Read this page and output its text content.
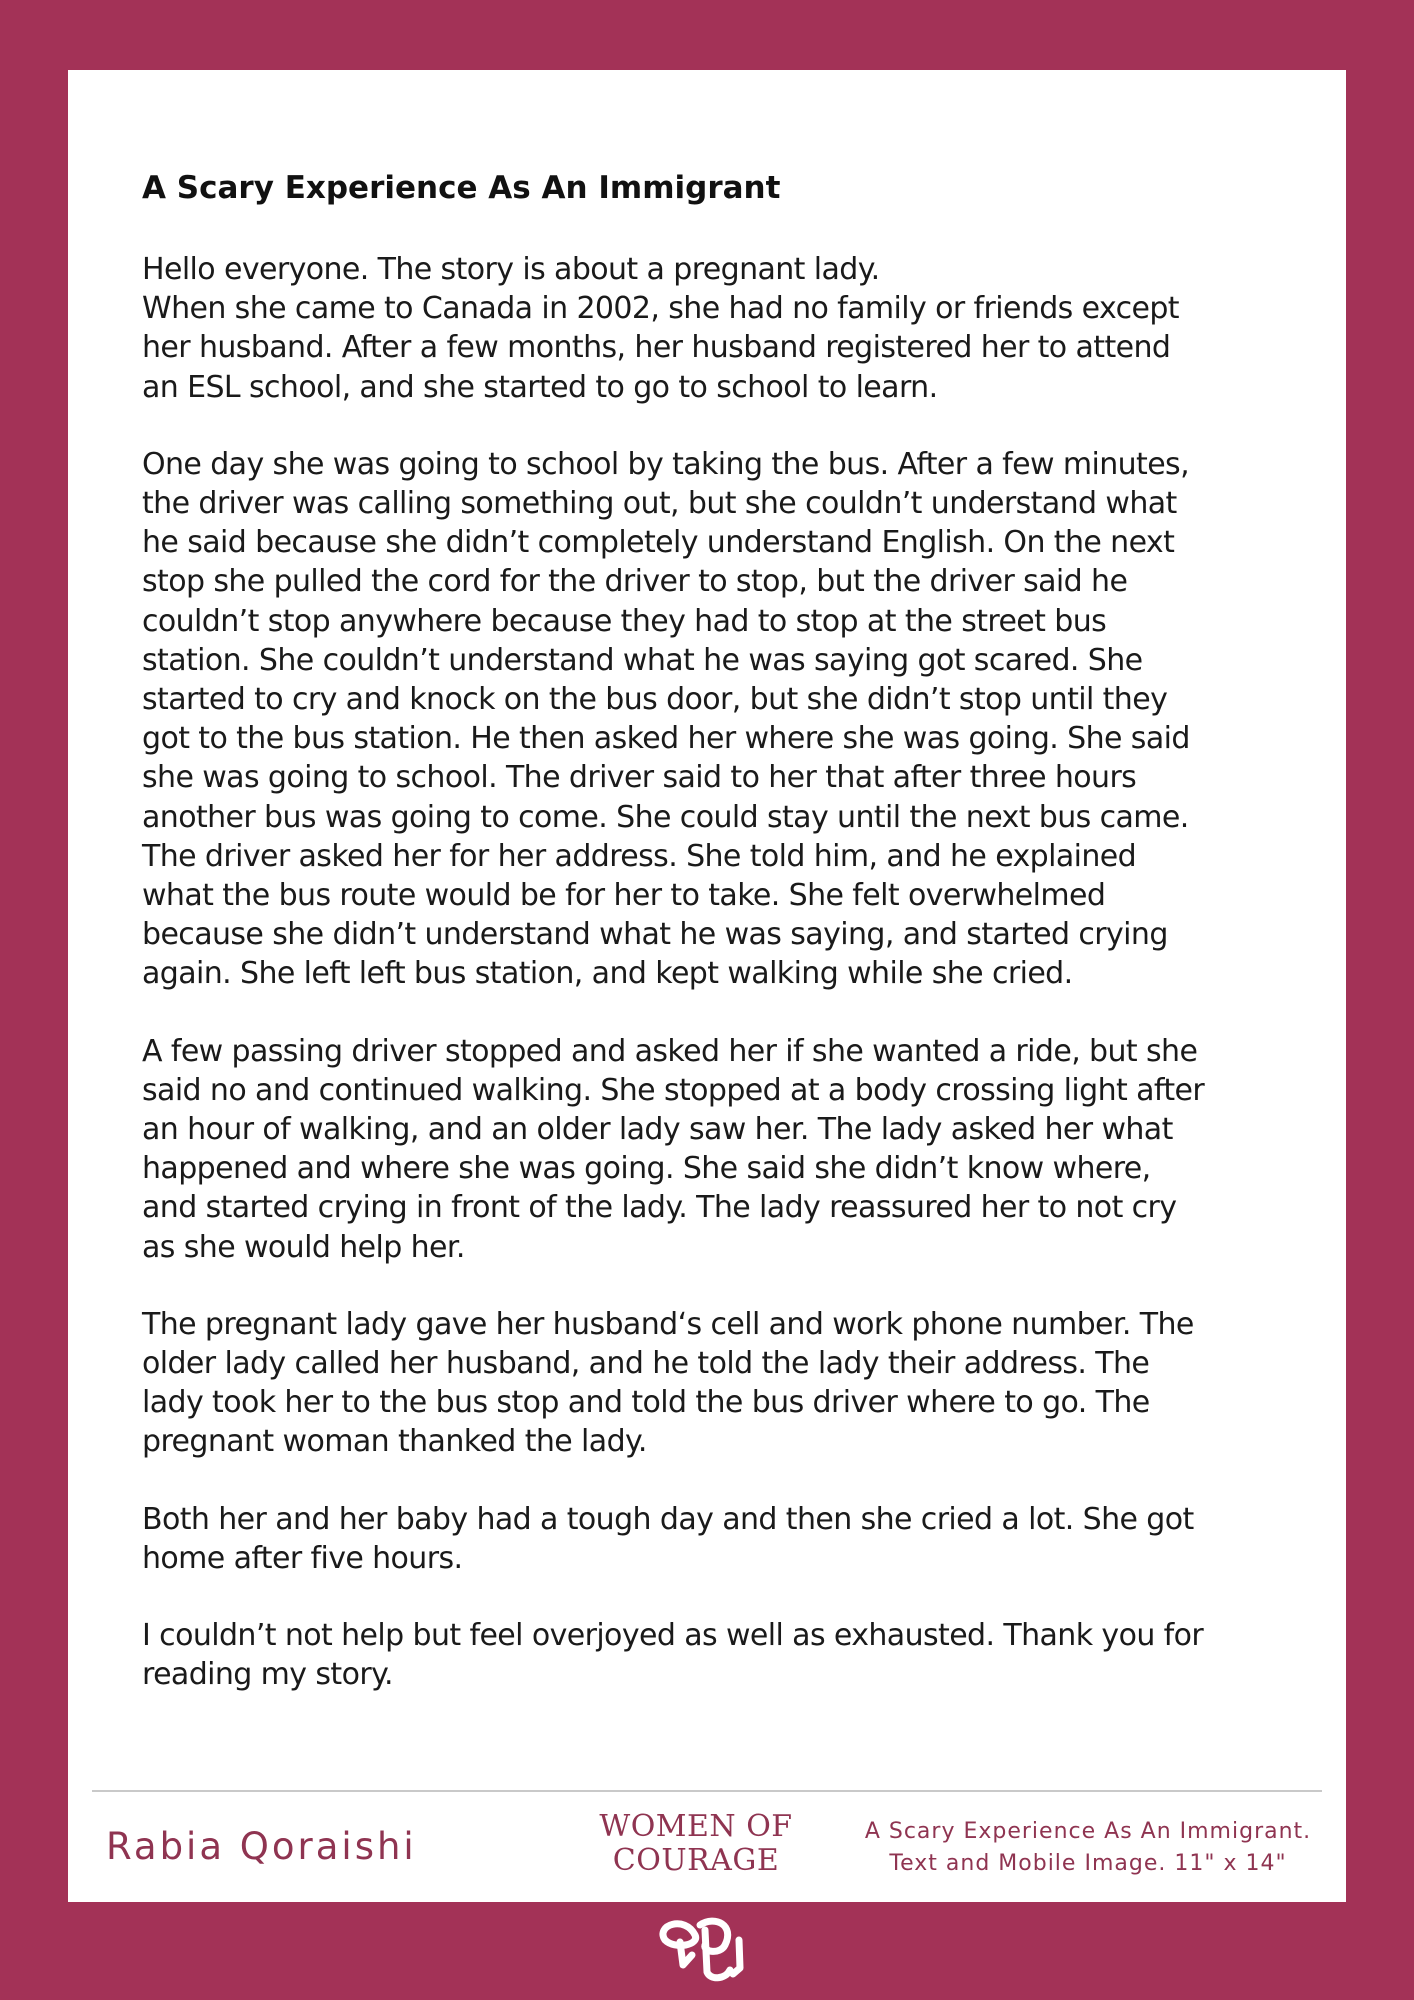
A Scary Experience As An Immigrant

Hello everyone. The story is about a pregnant lady.
When she came to Canada in 2002, she had no family or friends except
her husband. After a few months, her husband registered her to attend
an ESL school, and she started to go to school to learn.

One day she was going to school by taking the bus. After a few minutes,
the driver was calling something out, but she couldn’t understand what
he said because she didn’t completely understand English. On the next
stop she pulled the cord for the driver to stop, but the driver said he
couldn’t stop anywhere because they had to stop at the street bus
station. She couldn’t understand what he was saying got scared. She
started to cry and knock on the bus door, but she didn’t stop until they
got to the bus station. He then asked her where she was going. She said
she was going to school. The driver said to her that after three hours
another bus was going to come. She could stay until the next bus came.
The driver asked her for her address. She told him, and he explained
what the bus route would be for her to take. She felt overwhelmed
because she didn’t understand what he was saying, and started crying
again. She left left bus station, and kept walking while she cried.

A few passing driver stopped and asked her if she wanted a ride, but she
said no and continued walking. She stopped at a body crossing light after
an hour of walking, and an older lady saw her. The lady asked her what
happened and where she was going. She said she didn’t know where,
and started crying in front of the lady. The lady reassured her to not cry
as she would help her.

The pregnant lady gave her husband‘s cell and work phone number. The
older lady called her husband, and he told the lady their address. The
lady took her to the bus stop and told the bus driver where to go. The
pregnant woman thanked the lady.

Both her and her baby had a tough day and then she cried a lot. She got
home after five hours.

I couldn’t not help but feel overjoyed as well as exhausted. Thank you for
reading my story.

Rabia Qoraishi	WOMEN OF
COURAGE
A Scary Experience As An Immigrant.
Text and Mobile Image. 11" x 14"
